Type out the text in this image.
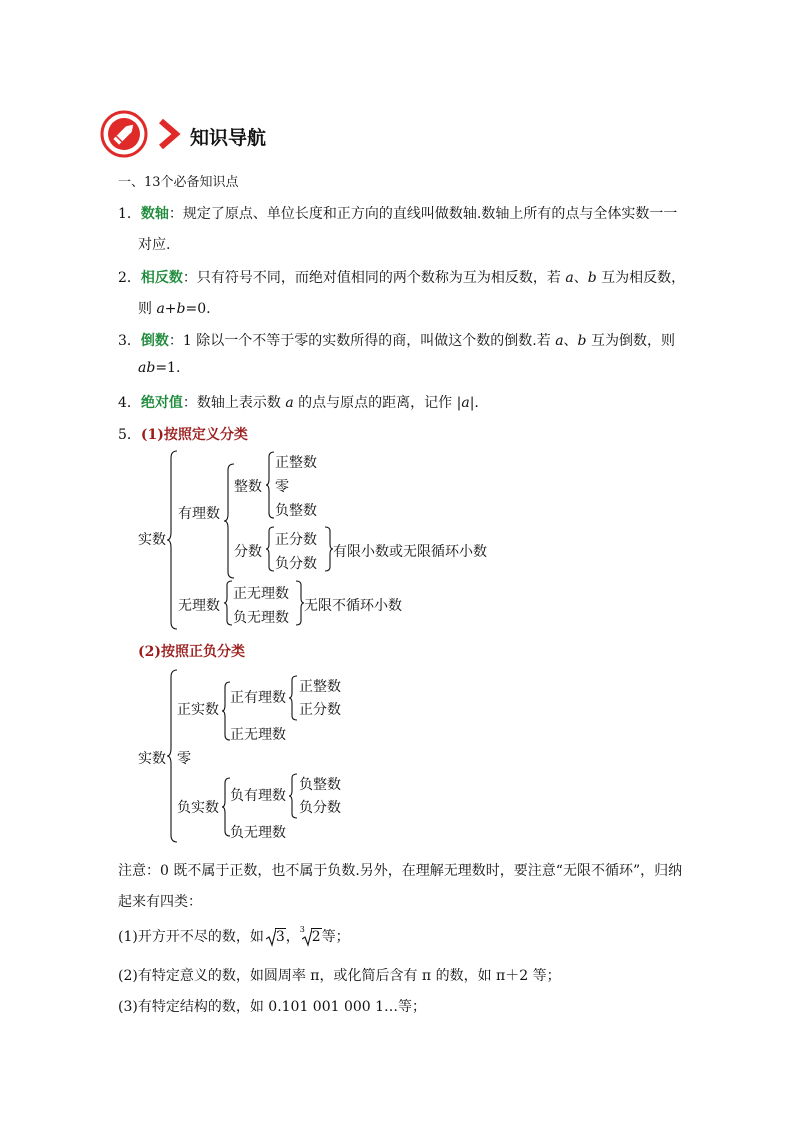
知识导航
一、13个必备知识点
1．数轴：规定了原点、单位长度和正方向的直线叫做数轴.数轴上所有的点与全体实数一一
对应.
2．相反数：只有符号不同，而绝对值相同的两个数称为互为相反数，若 a、b 互为相反数，
则 a+b=0.
3．倒数：1 除以一个不等于零的实数所得的商，叫做这个数的倒数.若 a、b 互为倒数，则
ab=1.
4．绝对值：数轴上表示数 a 的点与原点的距离，记作 |a|.
5．(1)按照定义分类
实数
有理数
整数
正整数
零
负整数
分数
正分数
负分数
有限小数或无限循环小数
无理数
正无理数
负无理数
无限不循环小数
(2)按照正负分类
实数
正实数
正有理数
正整数
正分数
正无理数
零
负实数
负有理数
负整数
负分数
负无理数
注意：0 既不属于正数，也不属于负数.另外，在理解无理数时，要注意“无限不循环”，归纳
起来有四类：
(1)开方开不尽的数，如 3， 3 2等；
(2)有特定意义的数，如圆周率 π，或化简后含有 π 的数，如 π＋2 等；
(3)有特定结构的数，如 0.101 001 000 1…等；
